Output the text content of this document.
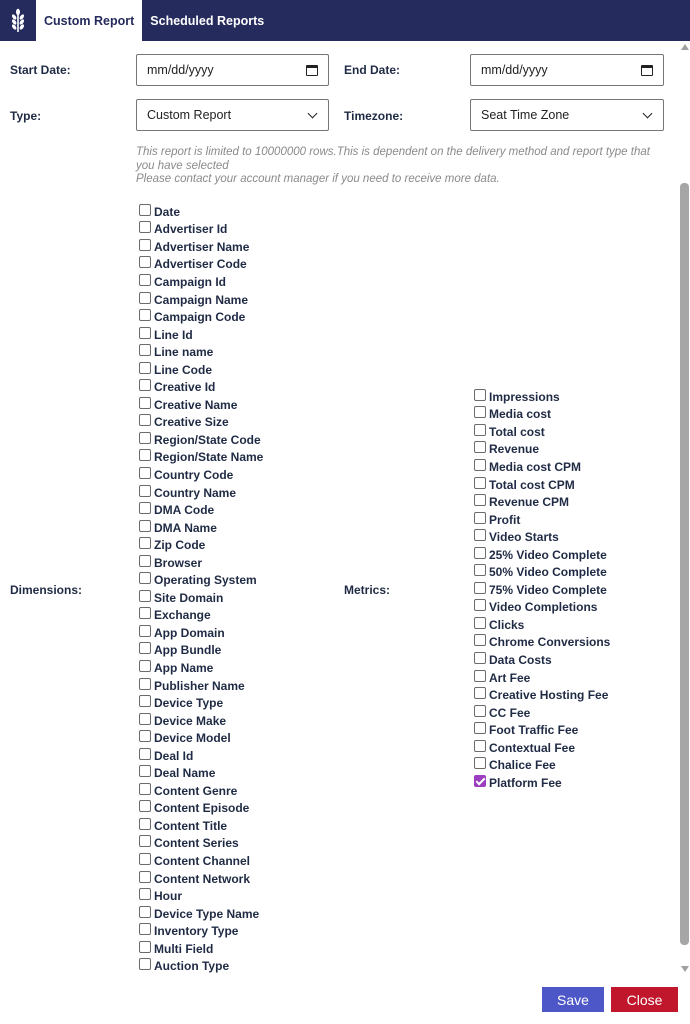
Custom Report	Scheduled Reports
Start Date:	mm/dd/yyyy	End Date:	mm/dd/yyyy
Type:	Custom Report	Timezone:	Seat Time Zone

This report is limited to 10000000 rows.This is dependent on the delivery method and report type that you have selected

Please contact your account manager if you need to receive more data.

Dimensions:
Date
Advertiser Id
Advertiser Name
Advertiser Code
Campaign Id
Campaign Name
Campaign Code
Line Id
Line name
Line Code
Creative Id
Creative Name
Creative Size
Region/State Code
Region/State Name
Country Code
Country Name
DMA Code
DMA Name
Zip Code
Browser
Operating System
Site Domain
Exchange
App Domain
App Bundle
App Name
Publisher Name
Device Type
Device Make
Device Model
Deal Id
Deal Name
Content Genre
Content Episode
Content Title
Content Series
Content Channel
Content Network
Hour
Device Type Name
Inventory Type
Multi Field
Auction Type
Metrics:
Impressions
Media cost
Total cost
Revenue
Media cost CPM
Total cost CPM
Revenue CPM
Profit
Video Starts
25% Video Complete
50% Video Complete
75% Video Complete
Video Completions
Clicks
Chrome Conversions
Data Costs
Art Fee
Creative Hosting Fee
CC Fee
Foot Traffic Fee
Contextual Fee
Chalice Fee
Platform Fee
Save	Close
